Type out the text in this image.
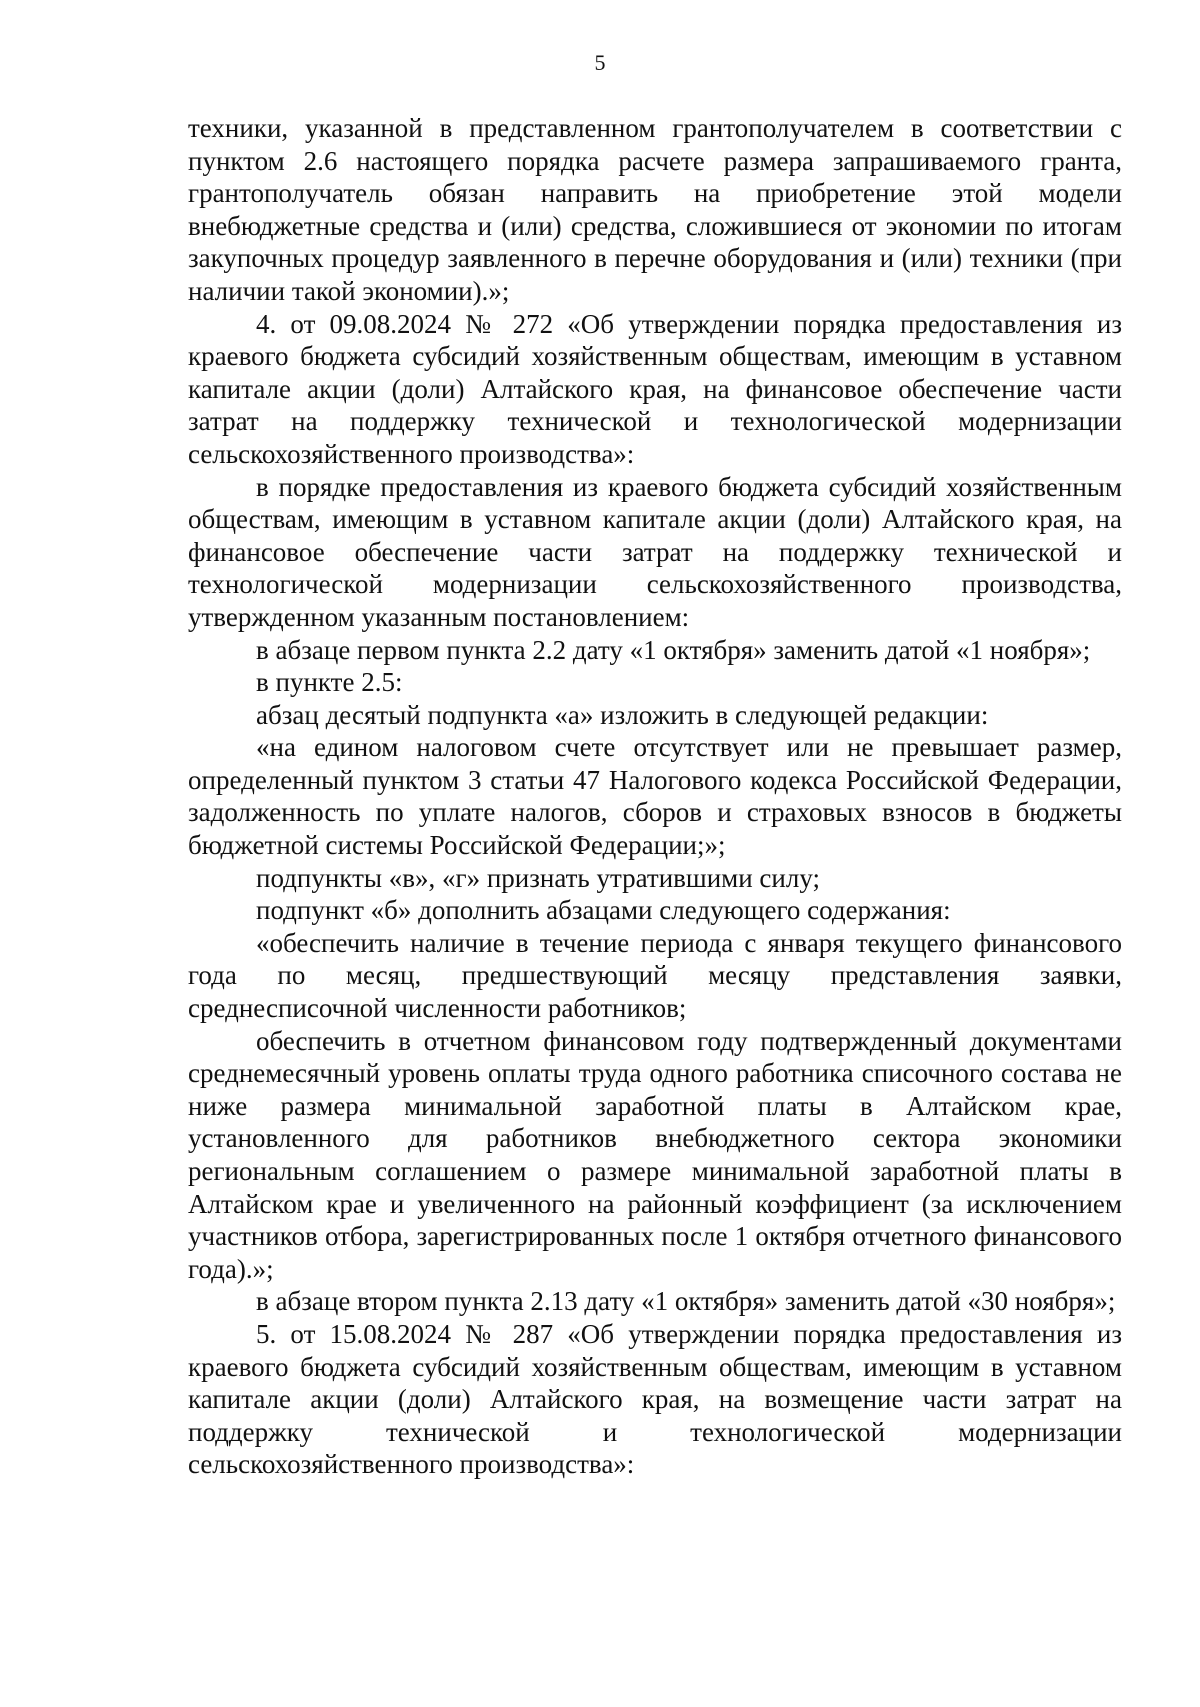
5

техники, указанной в представленном грантополучателем в соответствии с пунктом 2.6 настоящего порядка расчете размера запрашиваемого гранта, грантополучатель обязан направить на приобретение этой модели внебюджетные средства и (или) средства, сложившиеся от экономии по итогам закупочных процедур заявленного в перечне оборудования и (или) техники (при наличии такой экономии).»;

4. от 09.08.2024 № 272 «Об утверждении порядка предоставления из краевого бюджета субсидий хозяйственным обществам, имеющим в уставном капитале акции (доли) Алтайского края, на финансовое обеспечение части затрат на поддержку технической и технологической модернизации сельскохозяйственного производства»:

в порядке предоставления из краевого бюджета субсидий хозяйственным обществам, имеющим в уставном капитале акции (доли) Алтайского края, на финансовое обеспечение части затрат на поддержку технической и технологической модернизации сельскохозяйственного производства, утвержденном указанным постановлением:

в абзаце первом пункта 2.2 дату «1 октября» заменить датой «1 ноября»;

в пункте 2.5:

абзац десятый подпункта «а» изложить в следующей редакции:

«на едином налоговом счете отсутствует или не превышает размер, определенный пунктом 3 статьи 47 Налогового кодекса Российской Федерации, задолженность по уплате налогов, сборов и страховых взносов в бюджеты бюджетной системы Российской Федерации;»;

подпункты «в», «г» признать утратившими силу;

подпункт «б» дополнить абзацами следующего содержания:

«обеспечить наличие в течение периода с января текущего финансового года по месяц, предшествующий месяцу представления заявки, среднесписочной численности работников;

обеспечить в отчетном финансовом году подтвержденный документами среднемесячный уровень оплаты труда одного работника списочного состава не ниже размера минимальной заработной платы в Алтайском крае, установленного для работников внебюджетного сектора экономики региональным соглашением о размере минимальной заработной платы в Алтайском крае и увеличенного на районный коэффициент (за исключением участников отбора, зарегистрированных после 1 октября отчетного финансового года).»;

в абзаце втором пункта 2.13 дату «1 октября» заменить датой «30 ноября»;

5. от 15.08.2024 № 287 «Об утверждении порядка предоставления из краевого бюджета субсидий хозяйственным обществам, имеющим в уставном капитале акции (доли) Алтайского края, на возмещение части затрат на поддержку технической и технологической модернизации сельскохозяйственного производства»:
